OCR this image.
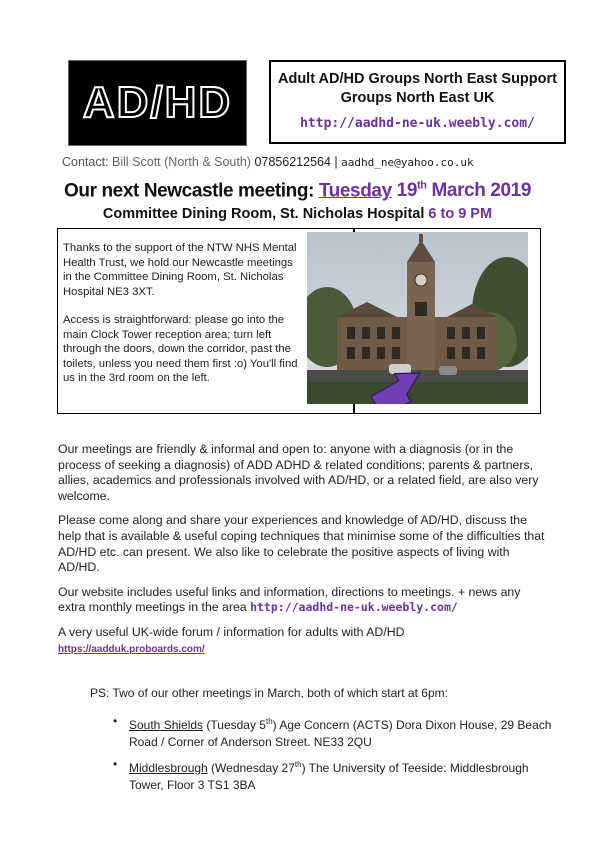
AD/HD	Adult AD/HD Groups North East Support
Groups North East UK
http://aadhd-ne-uk.weebly.com/
Contact: Bill Scott (North & South) 07856212564 | aadhd_ne@yahoo.co.uk
Our next Newcastle meeting: Tuesday 19th March 2019
Committee Dining Room, St. Nicholas Hospital 6 to 9 PM

Thanks to the support of the NTW NHS Mental Health Trust, we hold our Newcastle meetings in the Committee Dining Room, St. Nicholas Hospital NE3 3XT.

Access is straightforward: please go into the main Clock Tower reception area; turn left through the doors, down the corridor, past the toilets, unless you need them first :o) You'll find us in the 3rd room on the left.

Our meetings are friendly & informal and open to: anyone with a diagnosis (or in the process of seeking a diagnosis) of ADD ADHD & related conditions; parents & partners, allies, academics and professionals involved with AD/HD, or a related field, are also very welcome.

Please come along and share your experiences and knowledge of AD/HD, discuss the help that is available & useful coping techniques that minimise some of the difficulties that AD/HD etc. can present. We also like to celebrate the positive aspects of living with AD/HD.

Our website includes useful links and information, directions to meetings. + news any extra monthly meetings in the area http://aadhd-ne-uk.weebly.com/

A very useful UK-wide forum / information for adults with AD/HD
https://aadduk.proboards.com/

PS: Two of our other meetings in March, both of which start at 6pm:
• South Shields (Tuesday 5th) Age Concern (ACTS) Dora Dixon House, 29 Beach Road / Corner of Anderson Street. NE33 2QU
• Middlesbrough (Wednesday 27th) The University of Teeside: Middlesbrough Tower, Floor 3 TS1 3BA
